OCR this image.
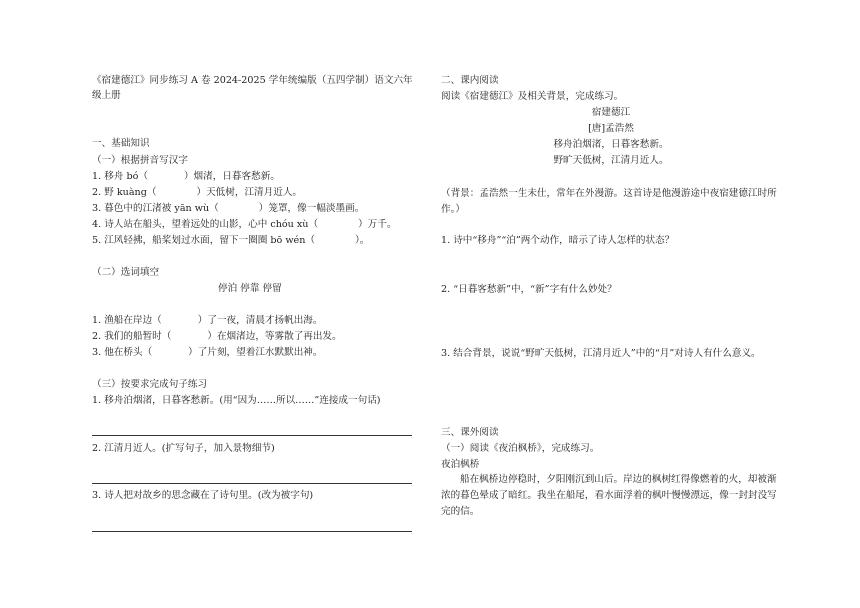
《宿建德江》同步练习 A 卷 2024-2025 学年统编版（五四学制）语文六年级上册
一、基础知识
（一）根据拼音写汉字
1. 移舟 bó（	）烟渚，日暮客愁新。
2. 野 kuàng（	）天低树，江清月近人。
3. 暮色中的江渚被 yān wù（	）笼罩，像一幅淡墨画。
4. 诗人站在船头，望着远处的山影，心中 chóu xù（	）万千。
5. 江风轻拂，船桨划过水面，留下一圈圈 bō wén（	）。
（二）选词填空
停泊 停靠 停留
1. 渔船在岸边（	）了一夜，清晨才扬帆出海。
2. 我们的船暂时（	）在烟渚边，等雾散了再出发。
3. 他在桥头（	）了片刻，望着江水默默出神。
（三）按要求完成句子练习
1. 移舟泊烟渚，日暮客愁新。(用“因为……所以……”连接成一句话)
2. 江清月近人。(扩写句子，加入景物细节)
3. 诗人把对故乡的思念藏在了诗句里。(改为被字句)
二、课内阅读
阅读《宿建德江》及相关背景，完成练习。
宿建德江
[唐]孟浩然
移舟泊烟渚，日暮客愁新。
野旷天低树，江清月近人。
（背景：孟浩然一生未仕，常年在外漫游。这首诗是他漫游途中夜宿建德江时所作。）
1. 诗中“移舟”“泊”两个动作，暗示了诗人怎样的状态？
2. “日暮客愁新”中，“新”字有什么妙处？
3. 结合背景，说说“野旷天低树，江清月近人”中的“月”对诗人有什么意义。
三、课外阅读
（一）阅读《夜泊枫桥》，完成练习。
夜泊枫桥
船在枫桥边停稳时，夕阳刚沉到山后。岸边的枫树红得像燃着的火，却被渐浓的暮色晕成了暗红。我坐在船尾，看水面浮着的枫叶慢慢漂远，像一封封没写完的信。
